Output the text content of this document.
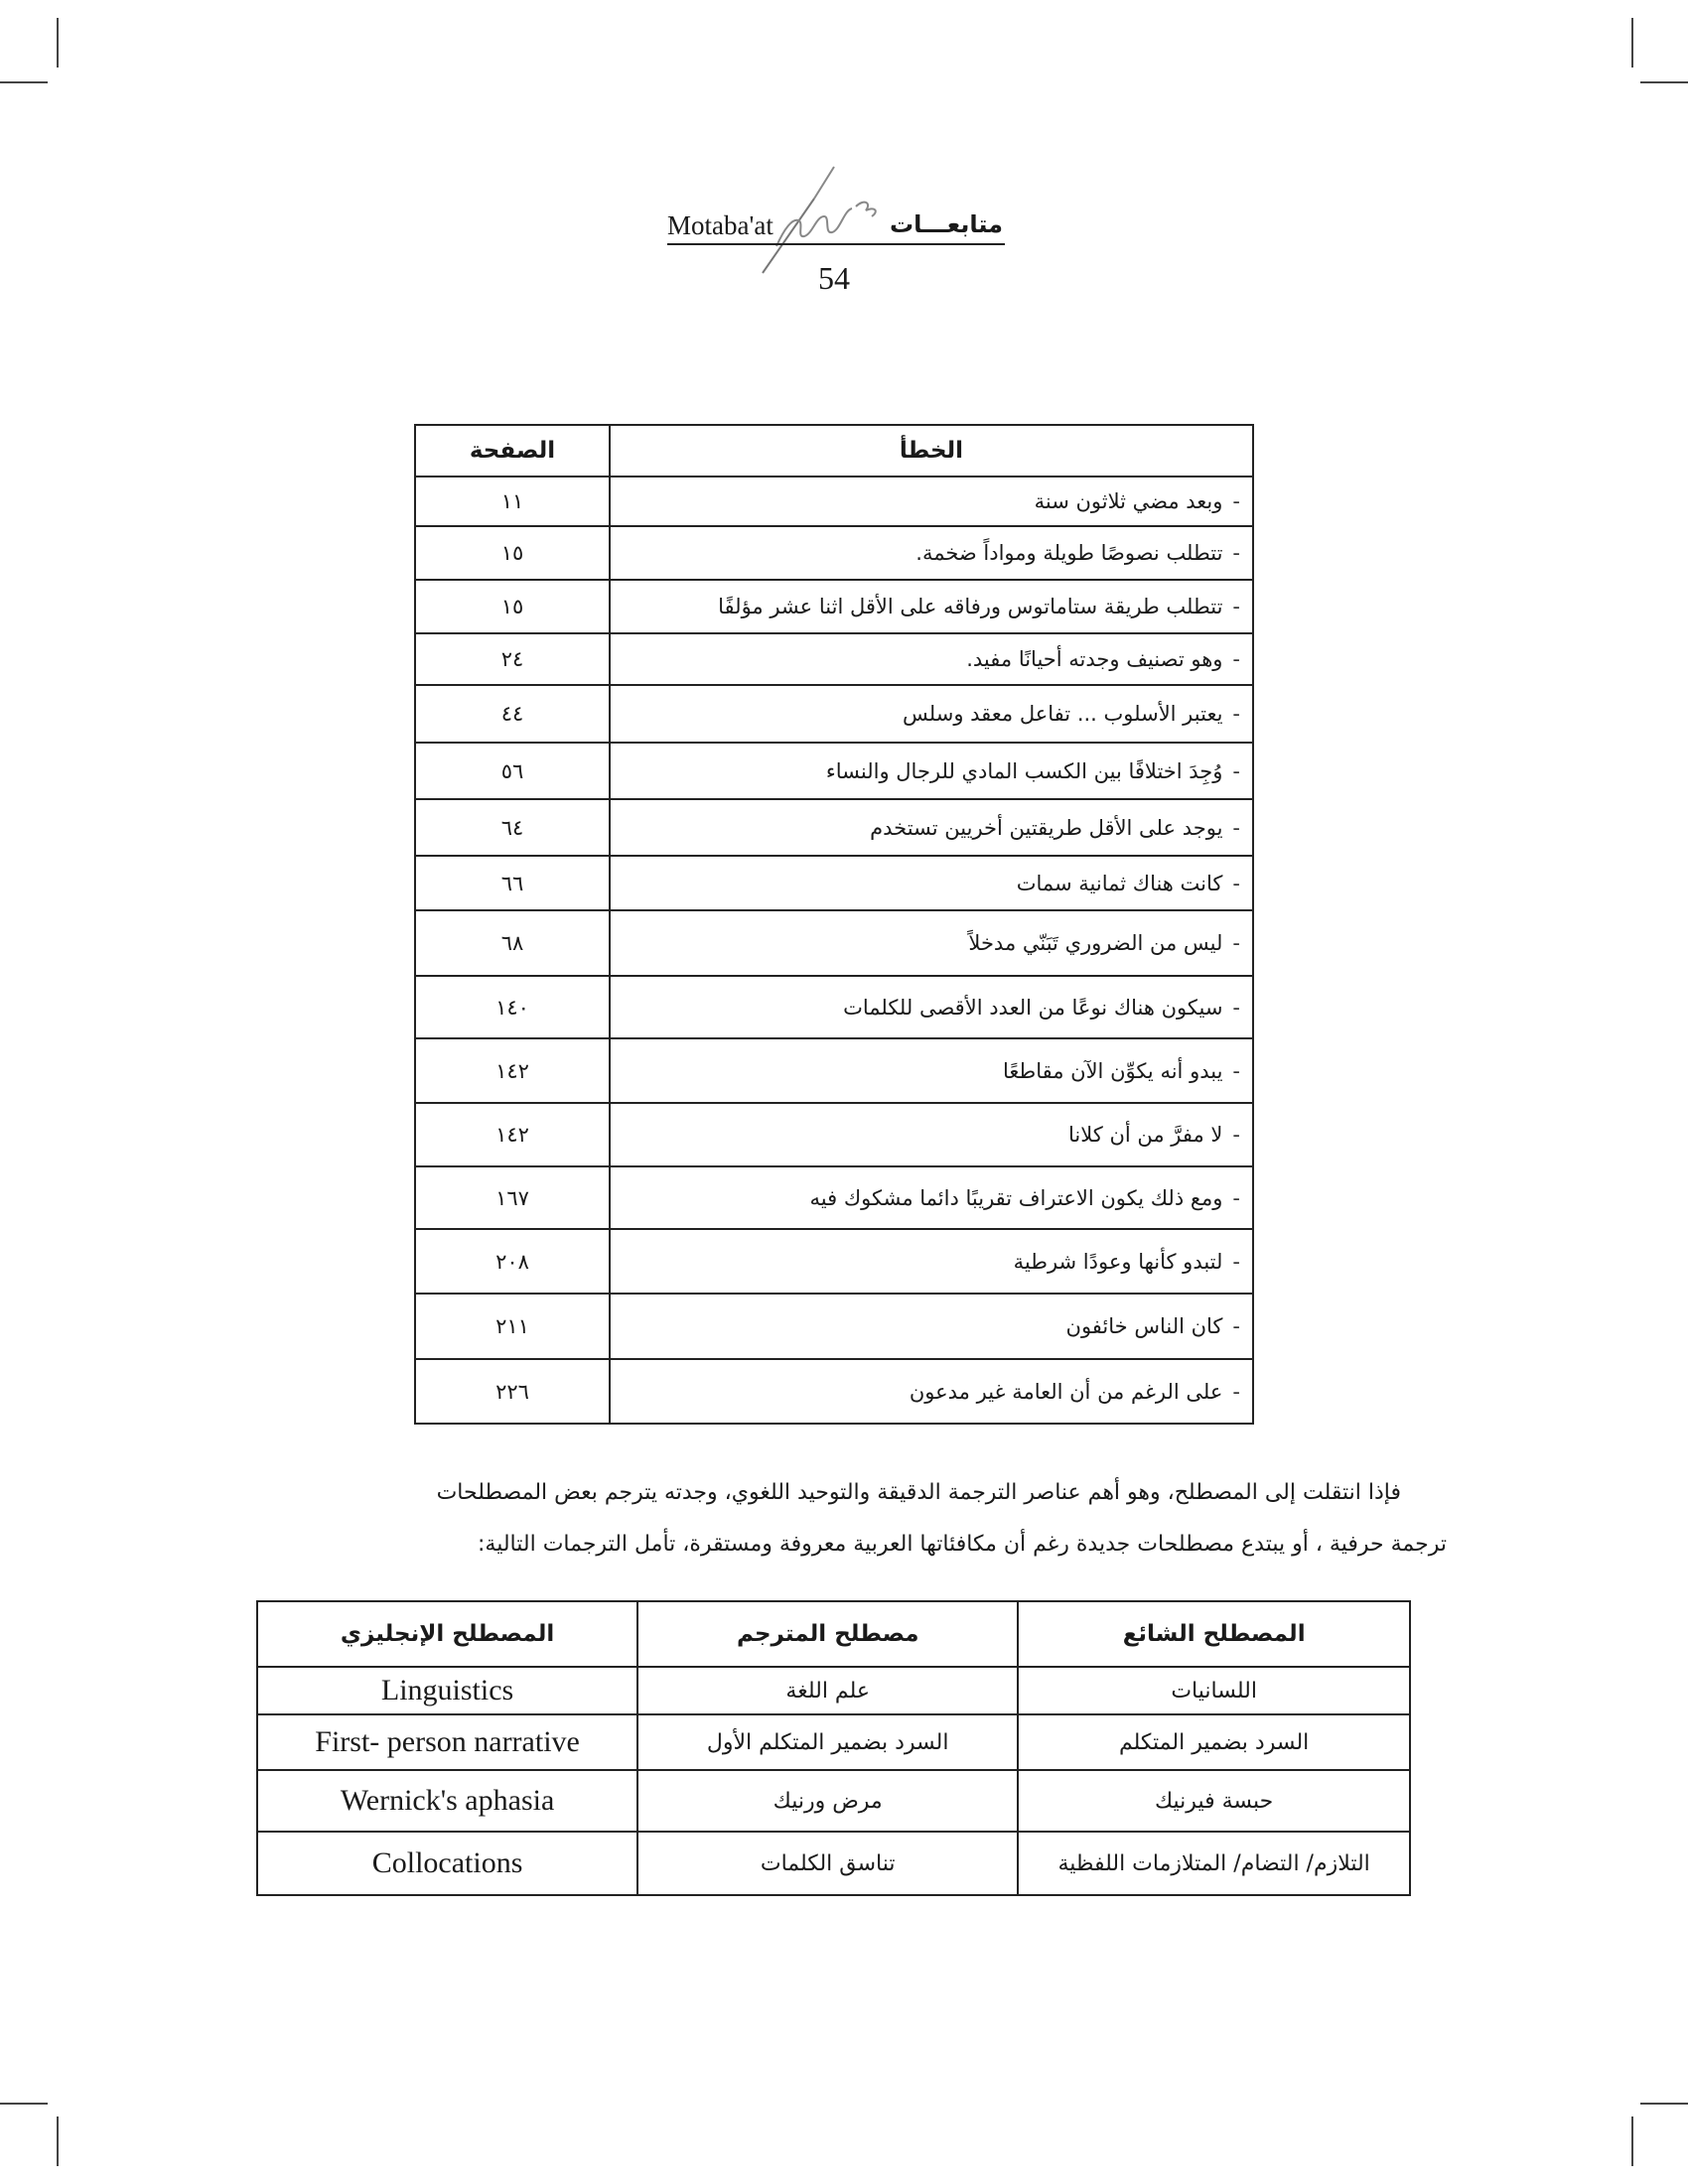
Motaba'at	متابعـــات
54
الخطأ	الصفحة
-وبعد مضي ثلاثون سنة	١١
-تتطلب نصوصًا طويلة ومواداً ضخمة.	١٥
-تتطلب طريقة ستاماتوس ورفاقه على الأقل اثنا عشر مؤلفًا	١٥
-وهو تصنيف وجدته أحيانًا مفيد.	٢٤
-يعتبر الأسلوب ... تفاعل معقد وسلس	٤٤
-وُجِدَ اختلافًا بين الكسب المادي للرجال والنساء	٥٦
-يوجد على الأقل طريقتين أخريين تستخدم	٦٤
-كانت هناك ثمانية سمات	٦٦
-ليس من الضروري تَبَنّي مدخلاً	٦٨
-سيكون هناك نوعًا من العدد الأقصى للكلمات	١٤٠
-يبدو أنه يكوِّن الآن مقاطعًا	١٤٢
-لا مفرَّ من أن كلانا	١٤٢
-ومع ذلك يكون الاعتراف تقريبًا دائما مشكوك فيه	١٦٧
-لتبدو كأنها وعودًا شرطية	٢٠٨
-كان الناس خائفون	٢١١
-على الرغم من أن العامة غير مدعون	٢٢٦

فإذا انتقلت إلى المصطلح، وهو أهم عناصر الترجمة الدقيقة والتوحيد اللغوي، وجدته يترجم بعض المصطلحات

ترجمة حرفية ، أو يبتدع مصطلحات جديدة رغم أن مكافئاتها العربية معروفة ومستقرة، تأمل الترجمات التالية:

المصطلح الشائع	مصطلح المترجم	المصطلح الإنجليزي
اللسانيات	علم اللغة	Linguistics
السرد بضمير المتكلم	السرد بضمير المتكلم الأول	First- person narrative
حبسة فيرنيك	مرض ورنيك	Wernick's aphasia
التلازم/ التضام/ المتلازمات اللفظية	تناسق الكلمات	Collocations
